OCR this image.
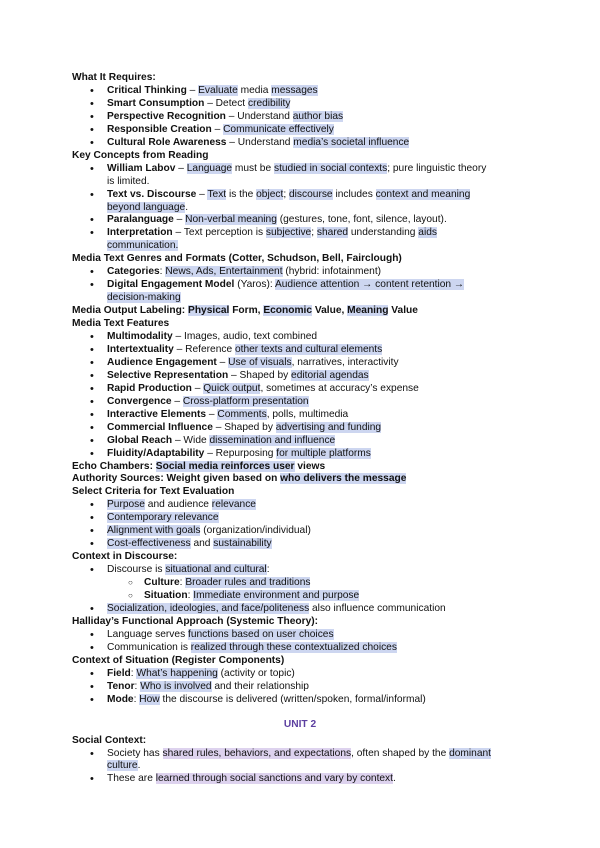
What It Requires:
• Critical Thinking – Evaluate media messages
• Smart Consumption – Detect credibility
• Perspective Recognition – Understand author bias
• Responsible Creation – Communicate effectively
• Cultural Role Awareness – Understand media’s societal influence
Key Concepts from Reading
• William Labov – Language must be studied in social contexts; pure linguistic theory
is limited.
• Text vs. Discourse – Text is the object; discourse includes context and meaning
beyond language.
• Paralanguage – Non-verbal meaning (gestures, tone, font, silence, layout).
• Interpretation – Text perception is subjective; shared understanding aids
communication.
Media Text Genres and Formats (Cotter, Schudson, Bell, Fairclough)
• Categories: News, Ads, Entertainment (hybrid: infotainment)
• Digital Engagement Model (Yaros): Audience attention → content retention →
decision-making
Media Output Labeling: Physical Form, Economic Value, Meaning Value
Media Text Features
• Multimodality – Images, audio, text combined
• Intertextuality – Reference other texts and cultural elements
• Audience Engagement – Use of visuals, narratives, interactivity
• Selective Representation – Shaped by editorial agendas
• Rapid Production – Quick output, sometimes at accuracy’s expense
• Convergence – Cross-platform presentation
• Interactive Elements – Comments, polls, multimedia
• Commercial Influence – Shaped by advertising and funding
• Global Reach – Wide dissemination and influence
• Fluidity/Adaptability – Repurposing for multiple platforms
Echo Chambers: Social media reinforces user views
Authority Sources: Weight given based on who delivers the message
Select Criteria for Text Evaluation
• Purpose and audience relevance
• Contemporary relevance
• Alignment with goals (organization/individual)
• Cost-effectiveness and sustainability
Context in Discourse:
• Discourse is situational and cultural:
○ Culture: Broader rules and traditions
○ Situation: Immediate environment and purpose
• Socialization, ideologies, and face/politeness also influence communication
Halliday’s Functional Approach (Systemic Theory):
• Language serves functions based on user choices
• Communication is realized through these contextualized choices
Context of Situation (Register Components)
• Field: What’s happening (activity or topic)
• Tenor: Who is involved and their relationship
• Mode: How the discourse is delivered (written/spoken, formal/informal)
UNIT 2
Social Context:
• Society has shared rules, behaviors, and expectations, often shaped by the dominant
culture.
• These are learned through social sanctions and vary by context.
